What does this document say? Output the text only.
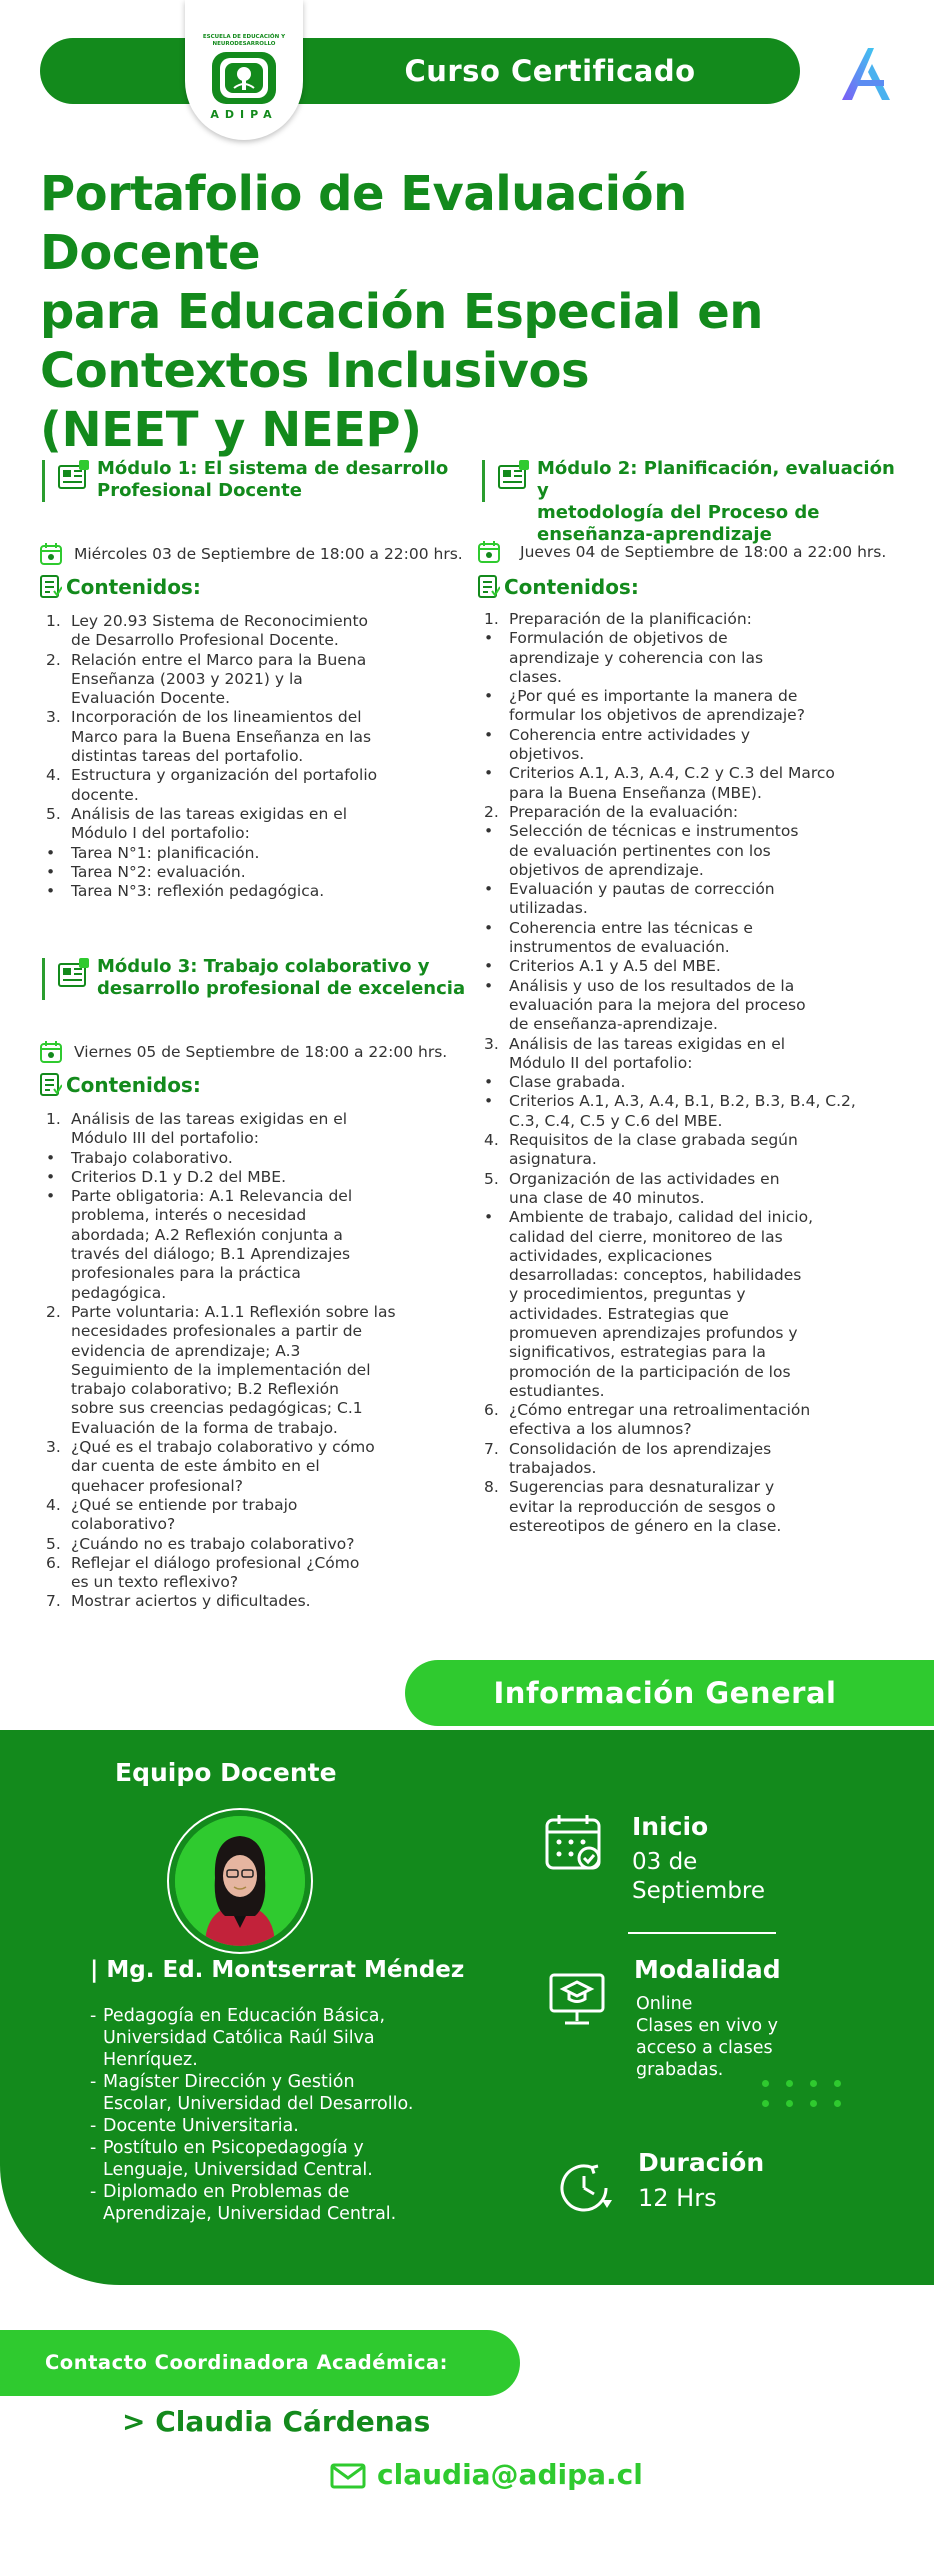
Curso Certificado
ESCUELA DE EDUCACIÓN Y NEURODESARROLLO
ADIPA
Portafolio de Evaluación Docente
para Educación Especial en
Contextos Inclusivos
(NEET y NEEP)
Módulo 1: El sistema de desarrollo
Profesional Docente
Miércoles 03 de Septiembre de 18:00 a 22:00 hrs.
Contenidos:
1. Ley 20.93 Sistema de Reconocimiento
de Desarrollo Profesional Docente.
2. Relación entre el Marco para la Buena
Enseñanza (2003 y 2021) y la
Evaluación Docente.
3. Incorporación de los lineamientos del
Marco para la Buena Enseñanza en las
distintas tareas del portafolio.
4. Estructura y organización del portafolio
docente.
5. Análisis de las tareas exigidas en el
Módulo I del portafolio:
•	Tarea N°1: planificación.
•	Tarea N°2: evaluación.
•	Tarea N°3: reflexión pedagógica.
Módulo 3: Trabajo colaborativo y
desarrollo profesional de excelencia
Viernes 05 de Septiembre de 18:00 a 22:00 hrs.
Contenidos:
1. Análisis de las tareas exigidas en el
Módulo III del portafolio:
•	Trabajo colaborativo.
•	Criterios D.1 y D.2 del MBE.
•	Parte obligatoria: A.1 Relevancia del
problema, interés o necesidad
abordada; A.2 Reflexión conjunta a
través del diálogo; B.1 Aprendizajes
profesionales para la práctica
pedagógica.
2. Parte voluntaria: A.1.1 Reflexión sobre las
necesidades profesionales a partir de
evidencia de aprendizaje; A.3
Seguimiento de la implementación del
trabajo colaborativo; B.2 Reflexión
sobre sus creencias pedagógicas; C.1
Evaluación de la forma de trabajo.
3. ¿Qué es el trabajo colaborativo y cómo
dar cuenta de este ámbito en el
quehacer profesional?
4. ¿Qué se entiende por trabajo
colaborativo?
5. ¿Cuándo no es trabajo colaborativo?
6. Reflejar el diálogo profesional ¿Cómo
es un texto reflexivo?
7. Mostrar aciertos y dificultades.
Módulo 2: Planificación, evaluación y
metodología del Proceso de
enseñanza-aprendizaje
Jueves 04 de Septiembre de 18:00 a 22:00 hrs.
Contenidos:
1. Preparación de la planificación:
•	Formulación de objetivos de
aprendizaje y coherencia con las
clases.
•	¿Por qué es importante la manera de
formular los objetivos de aprendizaje?
•	Coherencia entre actividades y
objetivos.
•	Criterios A.1, A.3, A.4, C.2 y C.3 del Marco
para la Buena Enseñanza (MBE).
2. Preparación de la evaluación:
•	Selección de técnicas e instrumentos
de evaluación pertinentes con los
objetivos de aprendizaje.
•	Evaluación y pautas de corrección
utilizadas.
•	Coherencia entre las técnicas e
instrumentos de evaluación.
•	Criterios A.1 y A.5 del MBE.
•	Análisis y uso de los resultados de la
evaluación para la mejora del proceso
de enseñanza-aprendizaje.
3. Análisis de las tareas exigidas en el
Módulo II del portafolio:
•	Clase grabada.
•	Criterios A.1, A.3, A.4, B.1, B.2, B.3, B.4, C.2,
C.3, C.4, C.5 y C.6 del MBE.
4. Requisitos de la clase grabada según
asignatura.
5. Organización de las actividades en
una clase de 40 minutos.
•	Ambiente de trabajo, calidad del inicio,
calidad del cierre, monitoreo de las
actividades, explicaciones
desarrolladas: conceptos, habilidades
y procedimientos, preguntas y
actividades. Estrategias que
promueven aprendizajes profundos y
significativos, estrategias para la
promoción de la participación de los
estudiantes.
6. ¿Cómo entregar una retroalimentación
efectiva a los alumnos?
7. Consolidación de los aprendizajes
trabajados.
8. Sugerencias para desnaturalizar y
evitar la reproducción de sesgos o
estereotipos de género en la clase.
Información General
Equipo Docente
| Mg. Ed. Montserrat Méndez
- Pedagogía en Educación Básica,
Universidad Católica Raúl Silva
Henríquez.
- Magíster Dirección y Gestión
Escolar, Universidad del Desarrollo.
- Docente Universitaria.
- Postítulo en Psicopedagogía y
Lenguaje, Universidad Central.
- Diplomado en Problemas de
Aprendizaje, Universidad Central.
Inicio
03 de
Septiembre
Modalidad
Online
Clases en vivo y
acceso a clases
grabadas.
Duración
12 Hrs
Contacto Coordinadora Académica:
> Claudia Cárdenas
claudia@adipa.cl
